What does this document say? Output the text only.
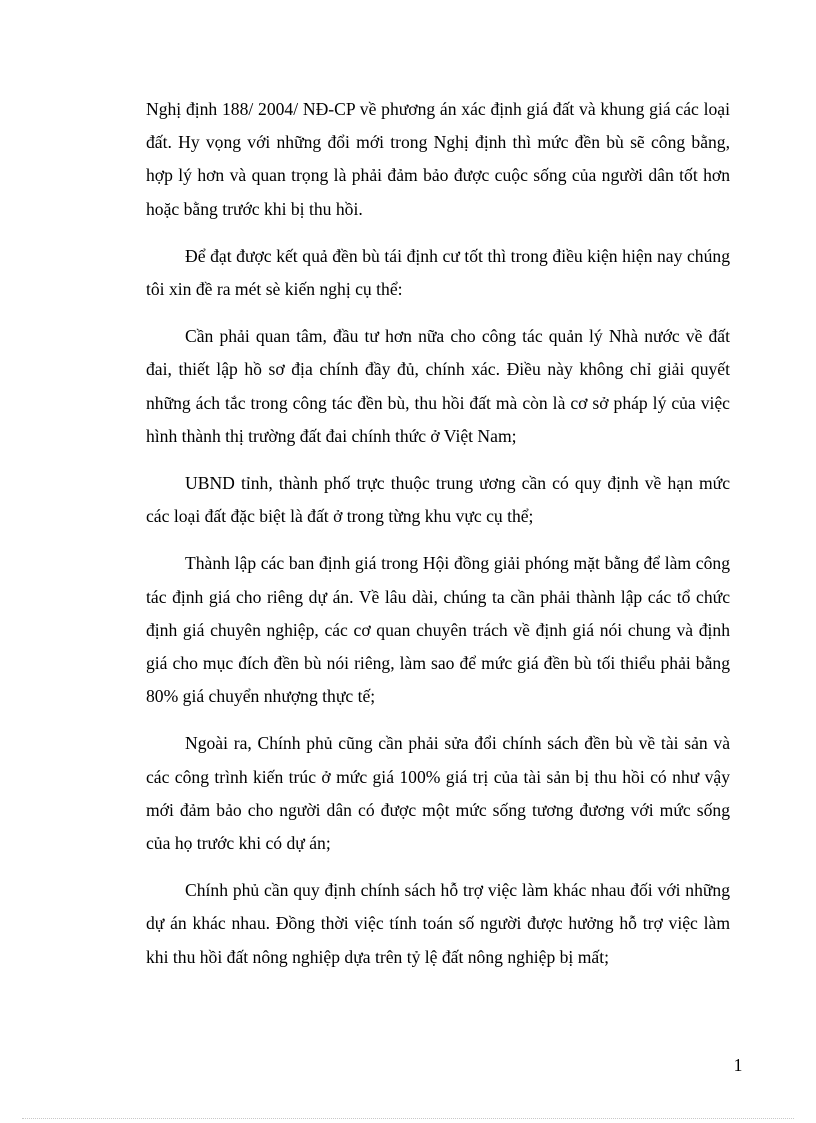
Nghị định 188/ 2004/ NĐ-CP về phương án xác định giá đất và khung giá các loại đất. Hy vọng với những đổi mới trong Nghị định thì mức đền bù sẽ công bằng, hợp lý hơn và quan trọng là phải đảm bảo được cuộc sống của người dân tốt hơn hoặc bằng trước khi bị thu hồi.

Để đạt được kết quả đền bù tái định cư tốt thì trong điều kiện hiện nay chúng tôi xin đề ra mét sè kiến nghị cụ thể:

Cần phải quan tâm, đầu tư hơn nữa cho công tác quản lý Nhà nước về đất đai, thiết lập hồ sơ địa chính đầy đủ, chính xác. Điều này không chỉ giải quyết những ách tắc trong công tác đền bù, thu hồi đất mà còn là cơ sở pháp lý của việc hình thành thị trường đất đai chính thức ở Việt Nam;

UBND tỉnh, thành phố trực thuộc trung ương cần có quy định về hạn mức các loại đất đặc biệt là đất ở trong từng khu vực cụ thể;

Thành lập các ban định giá trong Hội đồng giải phóng mặt bằng để làm công tác định giá cho riêng dự án. Về lâu dài, chúng ta cần phải thành lập các tổ chức định giá chuyên nghiệp, các cơ quan chuyên trách về định giá nói chung và định giá cho mục đích đền bù nói riêng, làm sao để mức giá đền bù tối thiểu phải bằng 80% giá chuyển nhượng thực tế;

Ngoài ra, Chính phủ cũng cần phải sửa đổi chính sách đền bù về tài sản và các công trình kiến trúc ở mức giá 100% giá trị của tài sản bị thu hồi có như vậy mới đảm bảo cho người dân có được một mức sống tương đương với mức sống của họ trước khi có dự án;

Chính phủ cần quy định chính sách hỗ trợ việc làm khác nhau đối với những dự án khác nhau. Đồng thời việc tính toán số người được hưởng hỗ trợ việc làm khi thu hồi đất nông nghiệp dựa trên tỷ lệ đất nông nghiệp bị mất;

1
